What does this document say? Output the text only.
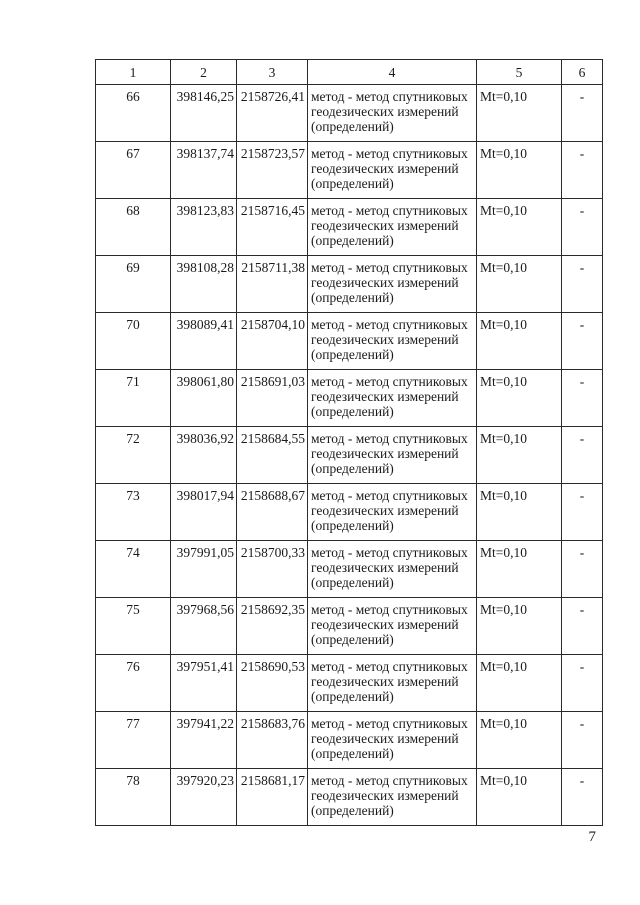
1	2	3	4	5	6
66	398146,25	2158726,41	метод - метод спутниковых геодезических измерений (определений)	Mt=0,10	-
67	398137,74	2158723,57	метод - метод спутниковых геодезических измерений (определений)	Mt=0,10	-
68	398123,83	2158716,45	метод - метод спутниковых геодезических измерений (определений)	Mt=0,10	-
69	398108,28	2158711,38	метод - метод спутниковых геодезических измерений (определений)	Mt=0,10	-
70	398089,41	2158704,10	метод - метод спутниковых геодезических измерений (определений)	Mt=0,10	-
71	398061,80	2158691,03	метод - метод спутниковых геодезических измерений (определений)	Mt=0,10	-
72	398036,92	2158684,55	метод - метод спутниковых геодезических измерений (определений)	Mt=0,10	-
73	398017,94	2158688,67	метод - метод спутниковых геодезических измерений (определений)	Mt=0,10	-
74	397991,05	2158700,33	метод - метод спутниковых геодезических измерений (определений)	Mt=0,10	-
75	397968,56	2158692,35	метод - метод спутниковых геодезических измерений (определений)	Mt=0,10	-
76	397951,41	2158690,53	метод - метод спутниковых геодезических измерений (определений)	Mt=0,10	-
77	397941,22	2158683,76	метод - метод спутниковых геодезических измерений (определений)	Mt=0,10	-
78	397920,23	2158681,17	метод - метод спутниковых геодезических измерений (определений)	Mt=0,10	-
7
